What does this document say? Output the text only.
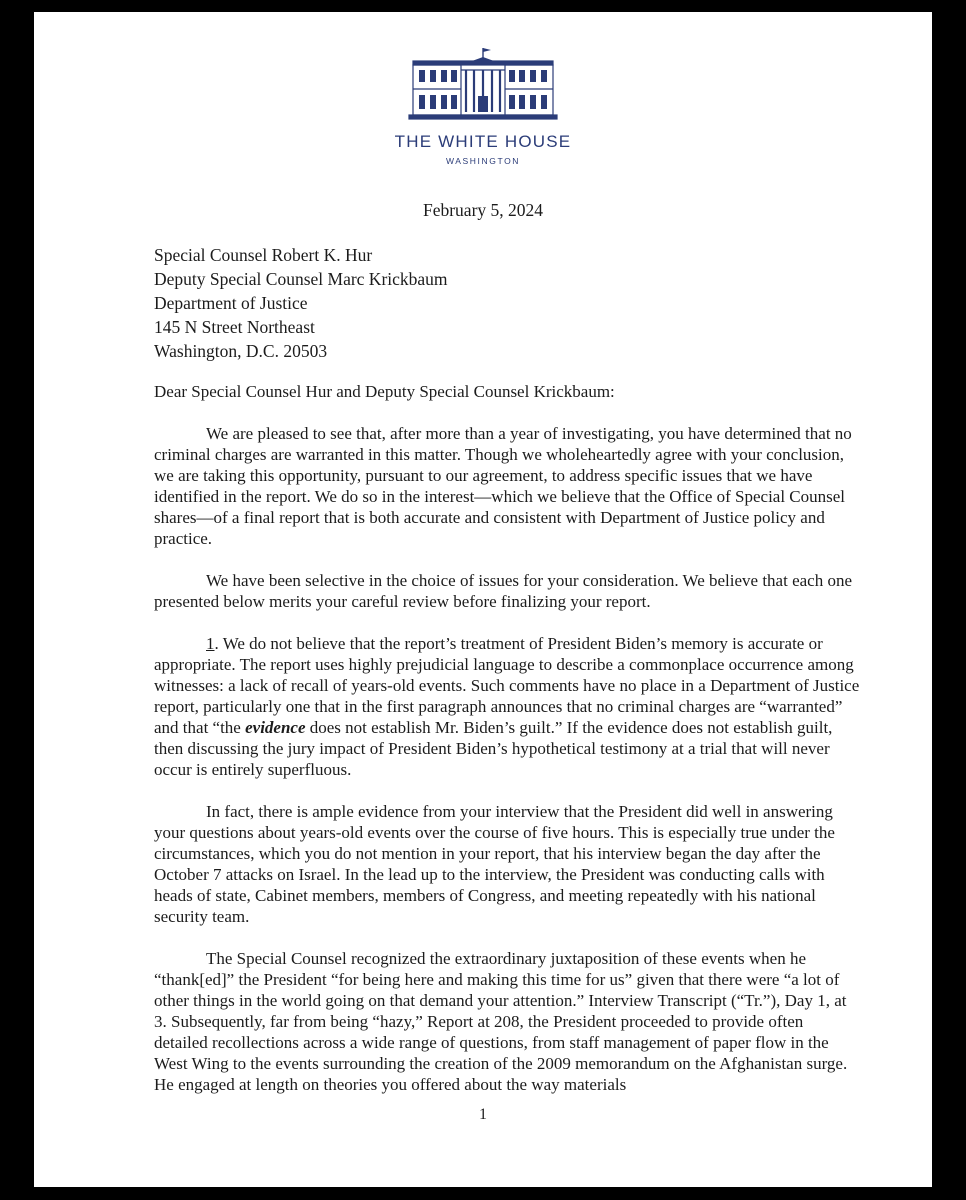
THE WHITE HOUSE
WASHINGTON
February 5, 2024
Special Counsel Robert K. Hur
Deputy Special Counsel Marc Krickbaum
Department of Justice
145 N Street Northeast
Washington, D.C. 20503
Dear Special Counsel Hur and Deputy Special Counsel Krickbaum:

We are pleased to see that, after more than a year of investigating, you have determined that no criminal charges are warranted in this matter. Though we wholeheartedly agree with your conclusion, we are taking this opportunity, pursuant to our agreement, to address specific issues that we have identified in the report. We do so in the interest—which we believe that the Office of Special Counsel shares—of a final report that is both accurate and consistent with Department of Justice policy and practice.

We have been selective in the choice of issues for your consideration. We believe that each one presented below merits your careful review before finalizing your report.

1. We do not believe that the report’s treatment of President Biden’s memory is accurate or appropriate. The report uses highly prejudicial language to describe a commonplace occurrence among witnesses: a lack of recall of years-old events. Such comments have no place in a Department of Justice report, particularly one that in the first paragraph announces that no criminal charges are “warranted” and that “the evidence does not establish Mr. Biden’s guilt.” If the evidence does not establish guilt, then discussing the jury impact of President Biden’s hypothetical testimony at a trial that will never occur is entirely superfluous.

In fact, there is ample evidence from your interview that the President did well in answering your questions about years-old events over the course of five hours. This is especially true under the circumstances, which you do not mention in your report, that his interview began the day after the October 7 attacks on Israel. In the lead up to the interview, the President was conducting calls with heads of state, Cabinet members, members of Congress, and meeting repeatedly with his national security team.

The Special Counsel recognized the extraordinary juxtaposition of these events when he “thank[ed]” the President “for being here and making this time for us” given that there were “a lot of other things in the world going on that demand your attention.” Interview Transcript (“Tr.”), Day 1, at 3. Subsequently, far from being “hazy,” Report at 208, the President proceeded to provide often detailed recollections across a wide range of questions, from staff management of paper flow in the West Wing to the events surrounding the creation of the 2009 memorandum on the Afghanistan surge. He engaged at length on theories you offered about the way materials

1
